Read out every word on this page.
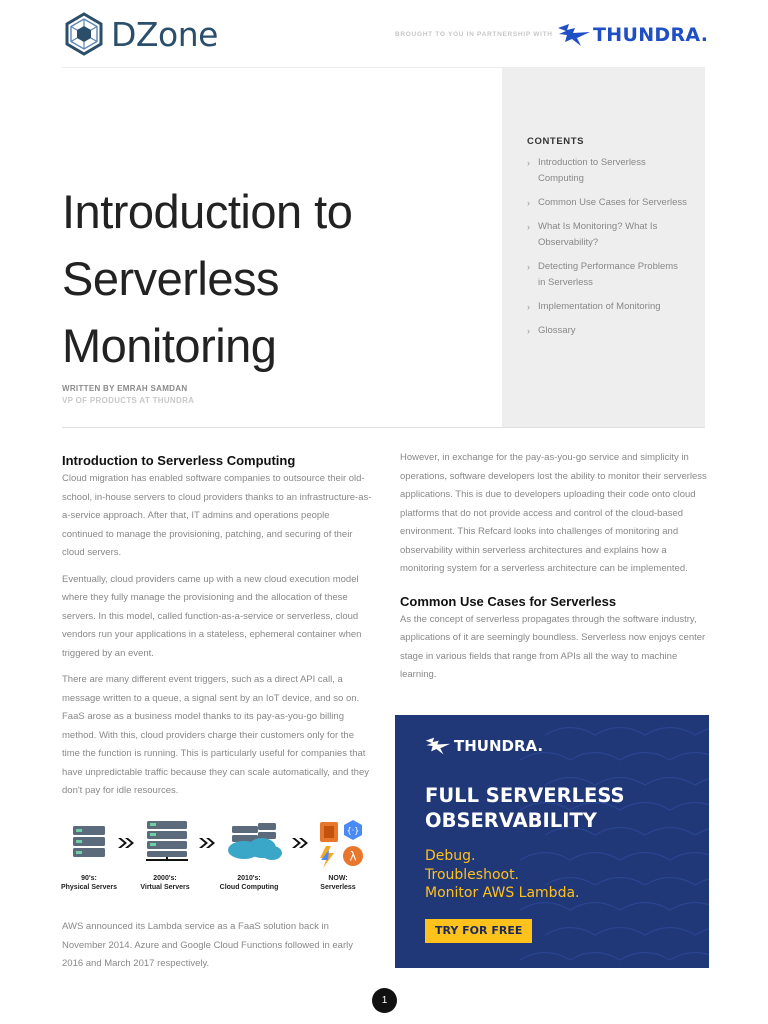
DZone	BROUGHT TO YOU IN PARTNERSHIP WITH THUNDRA.
Introduction to
Serverless Monitoring
WRITTEN BY EMRAH SAMDAN
VP OF PRODUCTS AT THUNDRA
CONTENTS
› Introduction to Serverless Computing
› Common Use Cases for Serverless
› What Is Monitoring? What Is Observability?
› Detecting Performance Problems in Serverless
› Implementation of Monitoring
› Glossary
Introduction to Serverless Computing

Cloud migration has enabled software companies to outsource their old-school, in-house servers to cloud providers thanks to an infrastructure-as-a-service approach. After that, IT admins and operations people continued to manage the provisioning, patching, and securing of their cloud servers.

Eventually, cloud providers came up with a new cloud execution model where they fully manage the provisioning and the allocation of these servers. In this model, called function-as-a-service or serverless, cloud vendors run your applications in a stateless, ephemeral container when triggered by an event.

There are many different event triggers, such as a direct API call, a message written to a queue, a signal sent by an IoT device, and so on. FaaS arose as a business model thanks to its pay-as-you-go billing method. With this, cloud providers charge their customers only for the time the function is running. This is particularly useful for companies that have unpredictable traffic because they can scale automatically, and they don't pay for idle resources.

{·}
λ
90's:
Physical Servers
2000's:
Virtual Servers
2010's:
Cloud Computing
NOW:
Serverless

AWS announced its Lambda service as a FaaS solution back in November 2014. Azure and Google Cloud Functions followed in early 2016 and March 2017 respectively.

However, in exchange for the pay-as-you-go service and simplicity in operations, software developers lost the ability to monitor their serverless applications. This is due to developers uploading their code onto cloud platforms that do not provide access and control of the cloud-based environment. This Refcard looks into challenges of monitoring and observability within serverless architectures and explains how a monitoring system for a serverless architecture can be implemented.

Common Use Cases for Serverless

As the concept of serverless propagates through the software industry, applications of it are seemingly boundless. Serverless now enjoys center stage in various fields that range from APIs all the way to machine learning.

THUNDRA.
FULL SERVERLESS
OBSERVABILITY
Debug.
Troubleshoot.
Monitor AWS Lambda.
TRY FOR FREE
1
